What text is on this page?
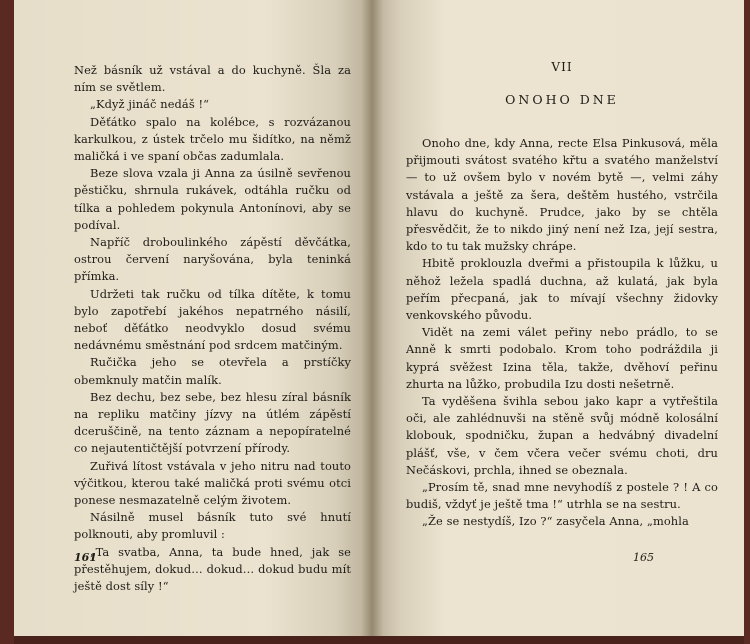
Než básník už vstával a do kuchyně. Šla za ním se světlem.

„Když jináč nedáš !“

Děťátko spalo na kolébce, s rozvázanou karkulkou, z ústek trčelo mu šidítko, na němž maličká i ve spaní občas zadumlala.

Beze slova vzala ji Anna za úsilně sevřenou pěstičku, shrnula rukávek, odtáhla ručku od tílka a pohledem pokynula Antonínovi, aby se podíval.

Napříč droboulinkého zápěstí děvčátka, ostrou červení naryšována, byla teninká přímka.

Udržeti tak ručku od tílka dítěte, k tomu bylo zapotřebí jakéhos nepatrného násilí, neboť děťátko neodvyklo dosud svému nedávnému směstnání pod srdcem matčiným.

Ručička jeho se otevřela a prstíčky obemknuly matčin malík.

Bez dechu, bez sebe, bez hlesu zíral básník na repliku matčiny jízvy na útlém zápěstí dceruščině, na tento záznam a nepopíratelné co nejautentičtější potvrzení přírody.

Zuřivá lítost vstávala v jeho nitru nad touto výčitkou, kterou také maličká proti svému otci ponese nesmazatelně celým životem.

Násilně musel básník tuto své hnutí polknouti, aby promluvil :

„Ta svatba, Anna, ta bude hned, jak se přestěhujem, dokud… dokud… dokud budu mít ještě dost síly !“

161
VII
ONOHO DNE

Onoho dne, kdy Anna, recte Elsa Pinkusová, měla přijmouti svátost svatého křtu a svatého manželství — to už ovšem bylo v novém bytě —, velmi záhy vstávala a ještě za šera, deštěm hustého, vstrčila hlavu do kuchyně. Prudce, jako by se chtěla přesvědčit, že to nikdo jiný není než Iza, její sestra, kdo to tu tak mužsky chrápe.

Hbitě proklouzla dveřmi a přistoupila k lůžku, u něhož ležela spadlá duchna, až kulatá, jak byla peřím přecpaná, jak to mívají všechny židovky venkovského původu.

Vidět na zemi válet peřiny nebo prádlo, to se Anně k smrti podobalo. Krom toho podráždila ji kyprá svěžest Izina těla, takže, dvěhoví peřinu zhurta na lůžko, probudila Izu dosti nešetrně.

Ta vyděšena švihla sebou jako kapr a vytřeštila oči, ale zahlédnuvši na stěně svůj módně kolosální klobouk, spodničku, župan a hedvábný divadelní plášť, vše, v čem včera večer svému choti, dru Nečáskovi, prchla, ihned se obeznala.

„Prosím tě, snad mne nevyhodíš z postele ? ! A co budiš, vždyť je ještě tma !“ utrhla se na sestru.

„Že se nestydíš, Izo ?“ zasyčela Anna, „mohla

165
